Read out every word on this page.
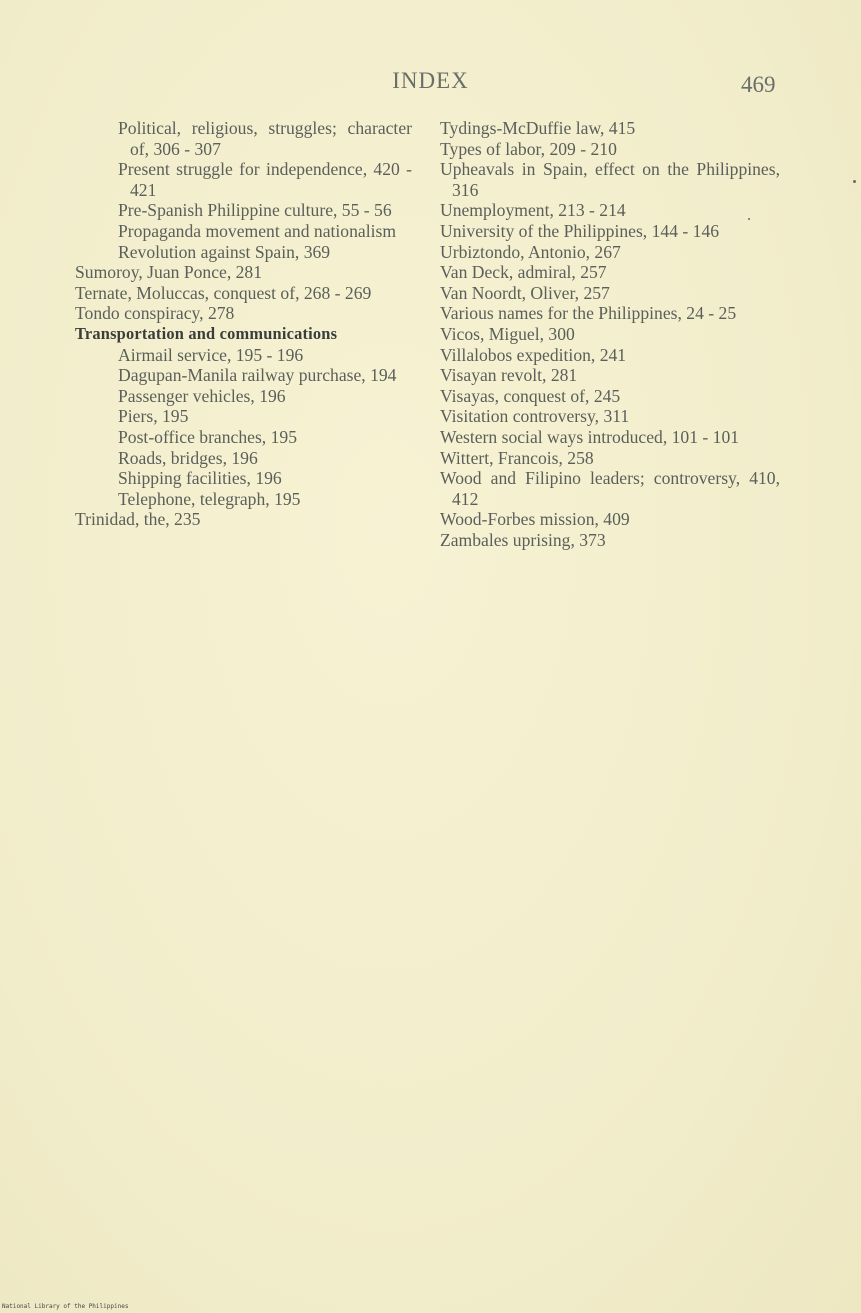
INDEX	469
Political, religious, struggles; character of, 306 - 307
Present struggle for independence, 420 - 421
Pre-Spanish Philippine culture, 55 - 56
Propaganda movement and nationalism
Revolution against Spain, 369
Sumoroy, Juan Ponce, 281
Ternate, Moluccas, conquest of, 268 - 269
Tondo conspiracy, 278
Transportation and communications
Airmail service, 195 - 196
Dagupan-Manila railway purchase, 194
Passenger vehicles, 196
Piers, 195
Post-office branches, 195
Roads, bridges, 196
Shipping facilities, 196
Telephone, telegraph, 195
Trinidad, the, 235
Tydings-McDuffie law, 415
Types of labor, 209 - 210
Upheavals in Spain, effect on the Philippines, 316
Unemployment, 213 - 214
University of the Philippines, 144 - 146
Urbiztondo, Antonio, 267
Van Deck, admiral, 257
Van Noordt, Oliver, 257
Various names for the Philippines, 24 - 25
Vicos, Miguel, 300
Villalobos expedition, 241
Visayan revolt, 281
Visayas, conquest of, 245
Visitation controversy, 311
Western social ways introduced, 101 - 101
Wittert, Francois, 258
Wood and Filipino leaders; controversy, 410, 412
Wood-Forbes mission, 409
Zambales uprising, 373
National Library of the Philippines
